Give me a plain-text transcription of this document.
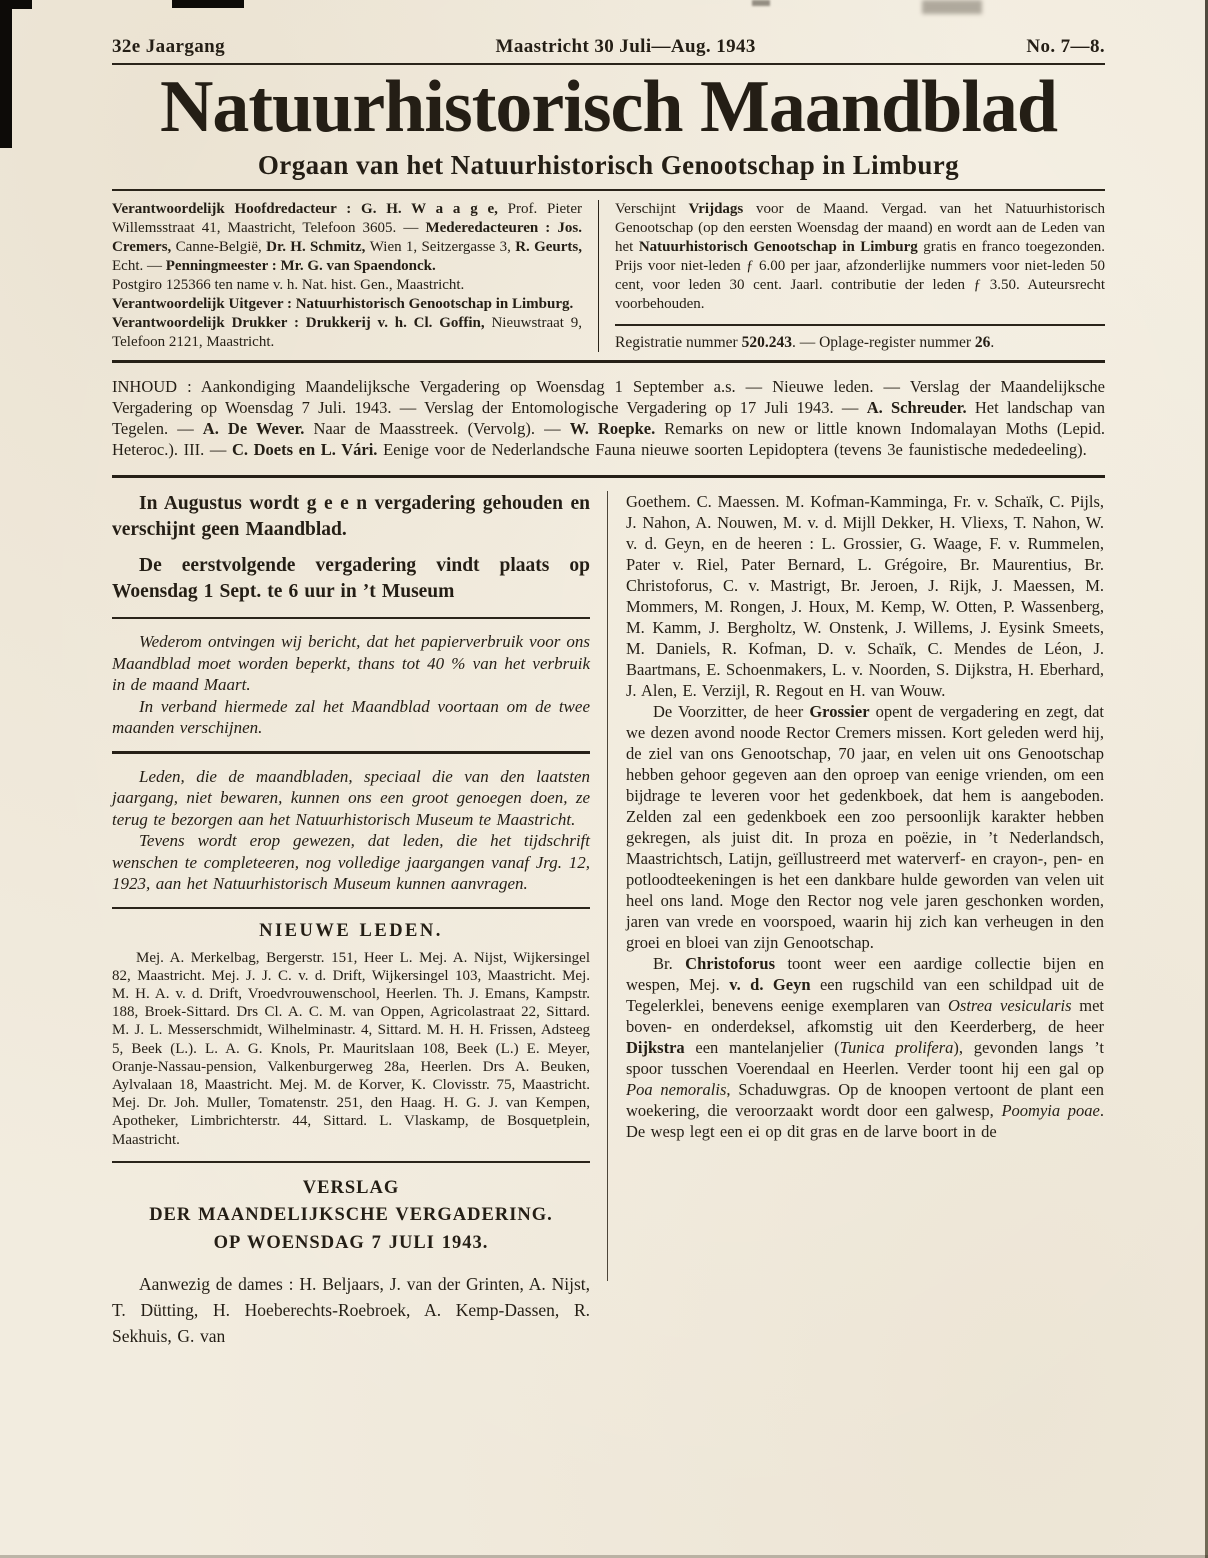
32e Jaargang	Maastricht 30 Juli—Aug. 1943	No. 7—8.
Natuurhistorisch Maandblad
Orgaan van het Natuurhistorisch Genootschap in Limburg

Verantwoordelijk Hoofdredacteur : G. H. W a a g e, Prof. Pieter Willemsstraat 41, Maastricht, Telefoon 3605. — Mederedacteuren : Jos. Cremers, Canne-België, Dr. H. Schmitz, Wien 1, Seitzergasse 3, R. Geurts, Echt. — Penningmeester : Mr. G. van Spaendonck.

Postgiro 125366 ten name v. h. Nat. hist. Gen., Maastricht.

Verantwoordelijk Uitgever : Natuurhistorisch Genootschap in Limburg.

Verantwoordelijk Drukker : Drukkerij v. h. Cl. Goffin, Nieuwstraat 9, Telefoon 2121, Maastricht.

Verschijnt Vrijdags voor de Maand. Vergad. van het Natuurhistorisch Genootschap (op den eersten Woensdag der maand) en wordt aan de Leden van het Natuurhistorisch Genootschap in Limburg gratis en franco toegezonden. Prijs voor niet-leden ƒ 6.00 per jaar, afzonderlijke nummers voor niet-leden 50 cent, voor leden 30 cent. Jaarl. contributie der leden ƒ 3.50. Auteursrecht voorbehouden.

Registratie nummer 520.243. — Oplage-register nummer 26.

INHOUD : Aankondiging Maandelijksche Vergadering op Woensdag 1 September a.s. — Nieuwe leden. — Verslag der Maandelijksche Vergadering op Woensdag 7 Juli. 1943. — Verslag der Entomologische Vergadering op 17 Juli 1943. — A. Schreuder. Het landschap van Tegelen. — A. De Wever. Naar de Maasstreek. (Vervolg). — W. Roepke. Remarks on new or little known Indomalayan Moths (Lepid. Heteroc.). III. — C. Doets en L. Vári. Eenige voor de Nederlandsche Fauna nieuwe soorten Lepidoptera (tevens 3e faunistische mededeeling).

In Augustus wordt g e e n vergadering gehouden en verschijnt geen Maandblad.

De eerstvolgende vergadering vindt plaats op Woensdag 1 Sept. te 6 uur in ’t Museum

Wederom ontvingen wij bericht, dat het papierverbruik voor ons Maandblad moet worden beperkt, thans tot 40 % van het verbruik in de maand Maart.

In verband hiermede zal het Maandblad voortaan om de twee maanden verschijnen.

Leden, die de maandbladen, speciaal die van den laatsten jaargang, niet bewaren, kunnen ons een groot genoegen doen, ze terug te bezorgen aan het Natuurhistorisch Museum te Maastricht.

Tevens wordt erop gewezen, dat leden, die het tijdschrift wenschen te completeeren, nog volledige jaargangen vanaf Jrg. 12, 1923, aan het Natuurhistorisch Museum kunnen aanvragen.

NIEUWE LEDEN.

Mej. A. Merkelbag, Bergerstr. 151, Heer L. Mej. A. Nijst, Wijkersingel 82, Maastricht. Mej. J. J. C. v. d. Drift, Wijkersingel 103, Maastricht. Mej. M. H. A. v. d. Drift, Vroedvrouwenschool, Heerlen. Th. J. Emans, Kampstr. 188, Broek-Sittard. Drs Cl. A. C. M. van Oppen, Agricolastraat 22, Sittard. M. J. L. Messerschmidt, Wilhelminastr. 4, Sittard. M. H. H. Frissen, Adsteeg 5, Beek (L.). L. A. G. Knols, Pr. Mauritslaan 108, Beek (L.) E. Meyer, Oranje-Nassau-pension, Valkenburgerweg 28a, Heerlen. Drs A. Beuken, Aylvalaan 18, Maastricht. Mej. M. de Korver, K. Clovisstr. 75, Maastricht. Mej. Dr. Joh. Muller, Tomatenstr. 251, den Haag. H. G. J. van Kempen, Apotheker, Limbrichterstr. 44, Sittard. L. Vlaskamp, de Bosquetplein, Maastricht.

VERSLAG
DER MAANDELIJKSCHE VERGADERING.
OP WOENSDAG 7 JULI 1943.

Aanwezig de dames : H. Beljaars, J. van der Grinten, A. Nijst, T. Dütting, H. Hoeberechts-Roebroek, A. Kemp-Dassen, R. Sekhuis, G. van

Goethem. C. Maessen. M. Kofman-Kamminga, Fr. v. Schaïk, C. Pijls, J. Nahon, A. Nouwen, M. v. d. Mijll Dekker, H. Vliexs, T. Nahon, W. v. d. Geyn, en de heeren : L. Grossier, G. Waage, F. v. Rummelen, Pater v. Riel, Pater Bernard, L. Grégoire, Br. Maurentius, Br. Christoforus, C. v. Mastrigt, Br. Jeroen, J. Rijk, J. Maessen, M. Mommers, M. Rongen, J. Houx, M. Kemp, W. Otten, P. Wassenberg, M. Kamm, J. Bergholtz, W. Onstenk, J. Willems, J. Eysink Smeets, M. Daniels, R. Kofman, D. v. Schaïk, C. Mendes de Léon, J. Baartmans, E. Schoenmakers, L. v. Noorden, S. Dijkstra, H. Eberhard, J. Alen, E. Verzijl, R. Regout en H. van Wouw.

De Voorzitter, de heer Grossier opent de vergadering en zegt, dat we dezen avond noode Rector Cremers missen. Kort geleden werd hij, de ziel van ons Genootschap, 70 jaar, en velen uit ons Genootschap hebben gehoor gegeven aan den oproep van eenige vrienden, om een bijdrage te leveren voor het gedenkboek, dat hem is aangeboden. Zelden zal een gedenkboek een zoo persoonlijk karakter hebben gekregen, als juist dit. In proza en poëzie, in ’t Nederlandsch, Maastrichtsch, Latijn, geïllustreerd met waterverf- en crayon-, pen- en potloodteekeningen is het een dankbare hulde geworden van velen uit heel ons land. Moge den Rector nog vele jaren geschonken worden, jaren van vrede en voorspoed, waarin hij zich kan verheugen in den groei en bloei van zijn Genootschap.

Br. Christoforus toont weer een aardige collectie bijen en wespen, Mej. v. d. Geyn een rugschild van een schildpad uit de Tegelerklei, benevens eenige exemplaren van Ostrea vesicularis met boven- en onderdeksel, afkomstig uit den Keerderberg, de heer Dijkstra een mantelanjelier (Tunica prolifera), gevonden langs ’t spoor tusschen Voerendaal en Heerlen. Verder toont hij een gal op Poa nemoralis, Schaduwgras. Op de knoopen vertoont de plant een woekering, die veroorzaakt wordt door een galwesp, Poomyia poae. De wesp legt een ei op dit gras en de larve boort in de
